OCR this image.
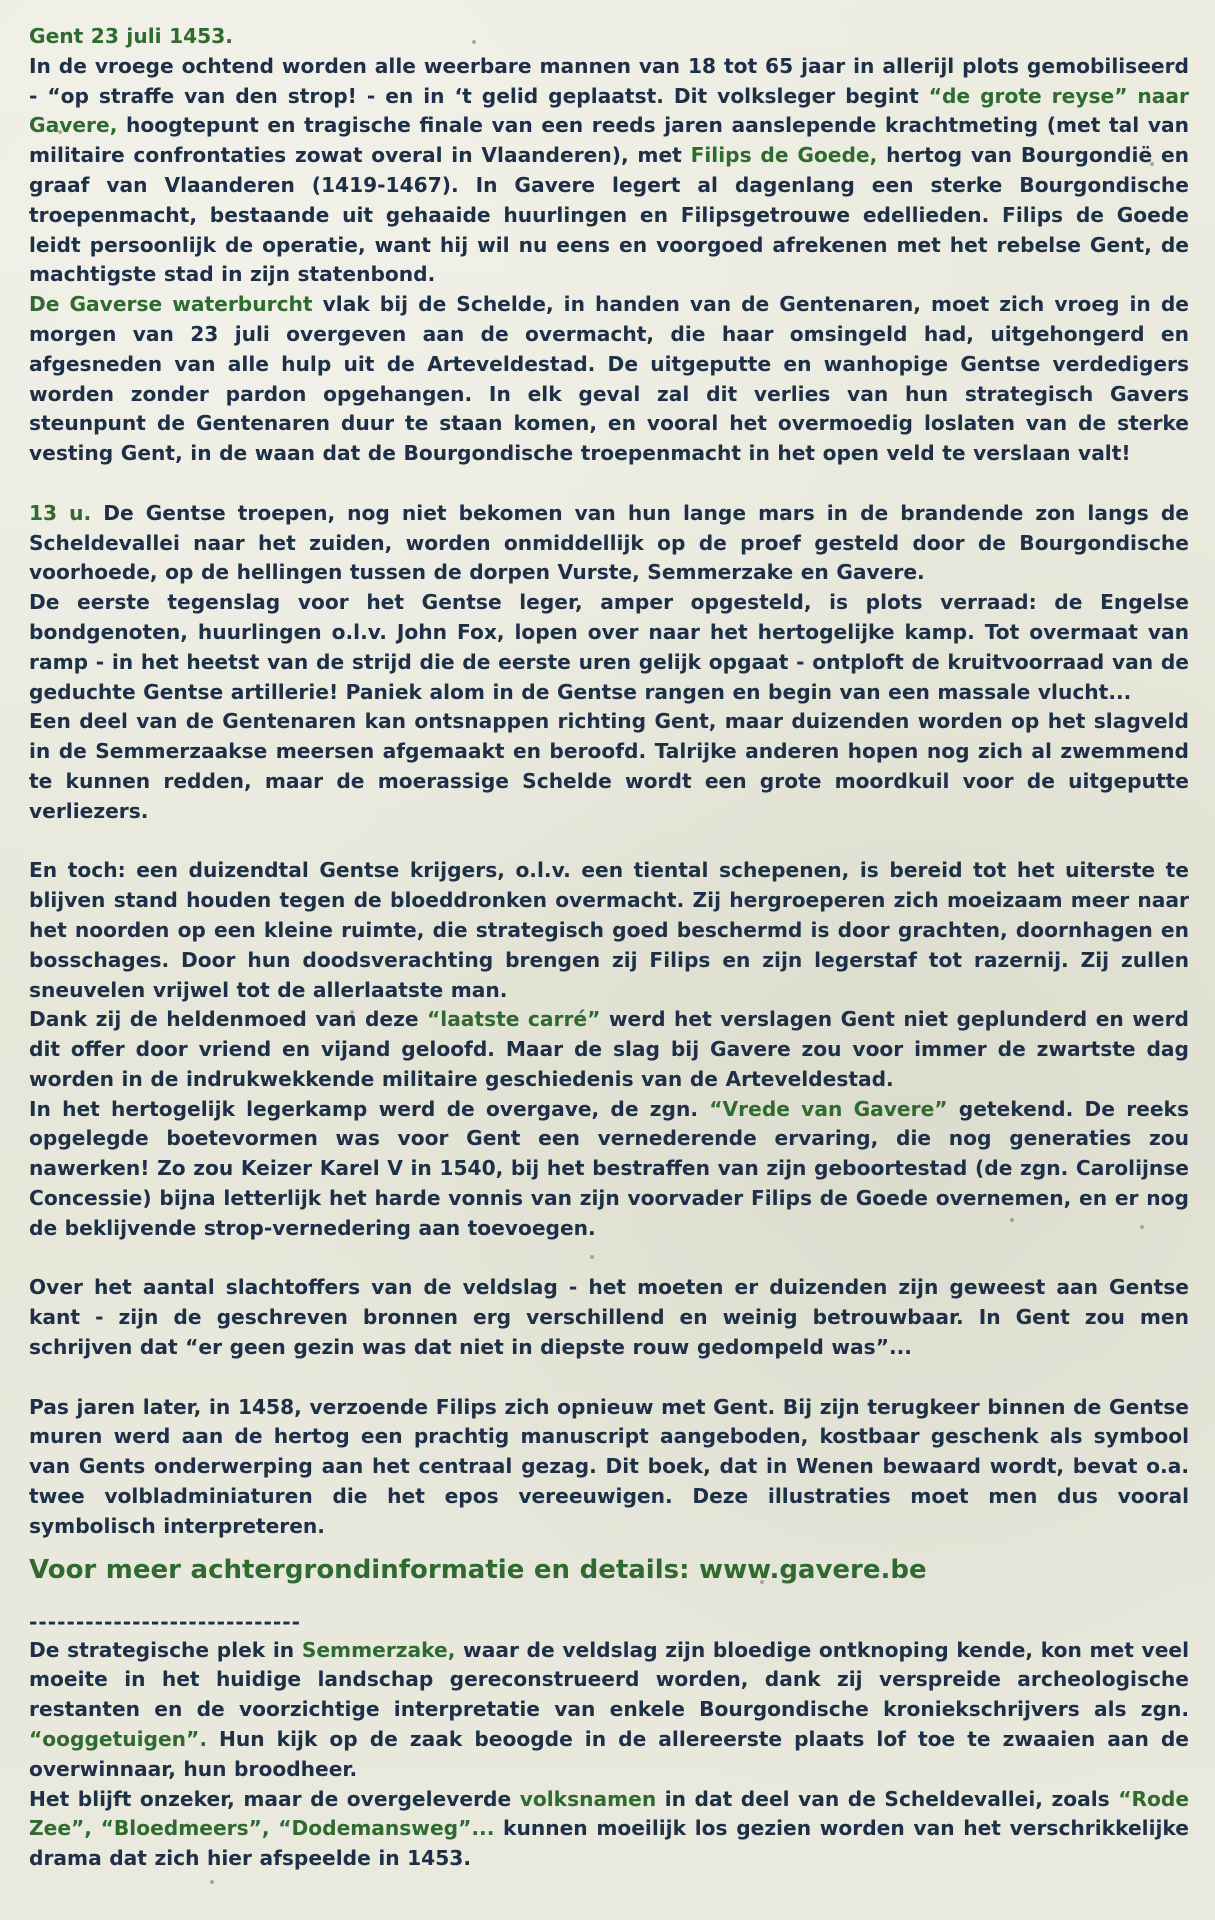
Gent 23 juli 1453.
In de vroege ochtend worden alle weerbare mannen van 18 tot 65 jaar in allerijl plots gemobiliseerd - “op straffe van den strop! - en in ‘t gelid geplaatst. Dit volksleger begint “de grote reyse” naar Gavere, hoogtepunt en tragische finale van een reeds jaren aanslepende krachtmeting (met tal van militaire confrontaties zowat overal in Vlaanderen), met Filips de Goede, hertog van Bourgondië en graaf van Vlaanderen (1419-1467). In Gavere legert al dagenlang een sterke Bourgondische troepenmacht, bestaande uit gehaaide huurlingen en Filipsgetrouwe edellieden. Filips de Goede leidt persoonlijk de operatie, want hij wil nu eens en voorgoed afrekenen met het rebelse Gent, de machtigste stad in zijn statenbond.

De Gaverse waterburcht vlak bij de Schelde, in handen van de Gentenaren, moet zich vroeg in de morgen van 23 juli overgeven aan de overmacht, die haar omsingeld had, uitgehongerd en afgesneden van alle hulp uit de Arteveldestad. De uitgeputte en wanhopige Gentse verdedigers worden zonder pardon opgehangen. In elk geval zal dit verlies van hun strategisch Gavers steunpunt de Gentenaren duur te staan komen, en vooral het overmoedig loslaten van de sterke vesting Gent, in de waan dat de Bourgondische troepenmacht in het open veld te verslaan valt!

13 u. De Gentse troepen, nog niet bekomen van hun lange mars in de brandende zon langs de Scheldevallei naar het zuiden, worden onmiddellijk op de proef gesteld door de Bourgondische voorhoede, op de hellingen tussen de dorpen Vurste, Semmerzake en Gavere.

De eerste tegenslag voor het Gentse leger, amper opgesteld, is plots verraad: de Engelse bondgenoten, huurlingen o.l.v. John Fox, lopen over naar het hertogelijke kamp. Tot overmaat van ramp - in het heetst van de strijd die de eerste uren gelijk opgaat - ontploft de kruitvoorraad van de geduchte Gentse artillerie! Paniek alom in de Gentse rangen en begin van een massale vlucht...

Een deel van de Gentenaren kan ontsnappen richting Gent, maar duizenden worden op het slagveld in de Semmerzaakse meersen afgemaakt en beroofd. Talrijke anderen hopen nog zich al zwemmend te kunnen redden, maar de moerassige Schelde wordt een grote moordkuil voor de uitgeputte verliezers.

En toch: een duizendtal Gentse krijgers, o.l.v. een tiental schepenen, is bereid tot het uiterste te blijven stand houden tegen de bloeddronken overmacht. Zij hergroeperen zich moeizaam meer naar het noorden op een kleine ruimte, die strategisch goed beschermd is door grachten, doornhagen en bosschages. Door hun doodsverachting brengen zij Filips en zijn legerstaf tot razernij. Zij zullen sneuvelen vrijwel tot de allerlaatste man.

Dank zij de heldenmoed van deze “laatste carré” werd het verslagen Gent niet geplunderd en werd dit offer door vriend en vijand geloofd. Maar de slag bij Gavere zou voor immer de zwartste dag worden in de indrukwekkende militaire geschiedenis van de Arteveldestad.

In het hertogelijk legerkamp werd de overgave, de zgn. “Vrede van Gavere” getekend. De reeks opgelegde boetevormen was voor Gent een vernederende ervaring, die nog generaties zou nawerken! Zo zou Keizer Karel V in 1540, bij het bestraffen van zijn geboortestad (de zgn. Carolijnse Concessie) bijna letterlijk het harde vonnis van zijn voorvader Filips de Goede overnemen, en er nog de beklijvende strop-vernedering aan toevoegen.

Over het aantal slachtoffers van de veldslag - het moeten er duizenden zijn geweest aan Gentse kant - zijn de geschreven bronnen erg verschillend en weinig betrouwbaar. In Gent zou men schrijven dat “er geen gezin was dat niet in diepste rouw gedompeld was”...

Pas jaren later, in 1458, verzoende Filips zich opnieuw met Gent. Bij zijn terugkeer binnen de Gentse muren werd aan de hertog een prachtig manuscript aangeboden, kostbaar geschenk als symbool van Gents onderwerping aan het centraal gezag. Dit boek, dat in Wenen bewaard wordt, bevat o.a. twee volbladminiaturen die het epos vereeuwigen. Deze illustraties moet men dus vooral symbolisch interpreteren.

Voor meer achtergrondinformatie en details: www.gavere.be

-----------------------------

De strategische plek in Semmerzake, waar de veldslag zijn bloedige ontknoping kende, kon met veel moeite in het huidige landschap gereconstrueerd worden, dank zij verspreide archeologische restanten en de voorzichtige interpretatie van enkele Bourgondische kroniekschrijvers als zgn. “ooggetuigen”. Hun kijk op de zaak beoogde in de allereerste plaats lof toe te zwaaien aan de overwinnaar, hun broodheer.

Het blijft onzeker, maar de overgeleverde volksnamen in dat deel van de Scheldevallei, zoals “Rode Zee”, “Bloedmeers”, “Dodemansweg”... kunnen moeilijk los gezien worden van het verschrikkelijke drama dat zich hier afspeelde in 1453.
